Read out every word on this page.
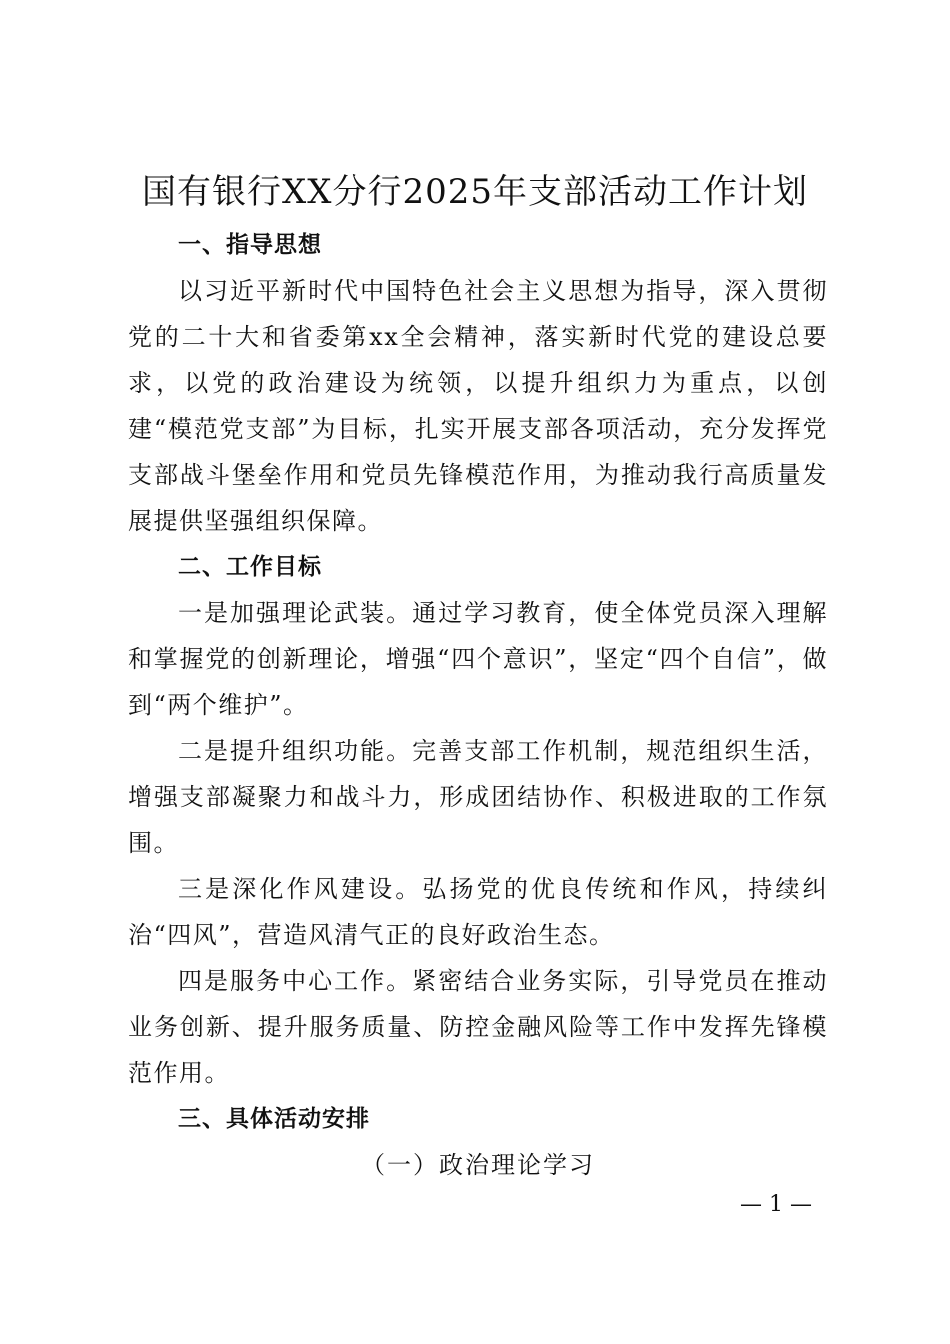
国有银行XX分行2025年支部活动工作计划

一、指导思想

以习近平新时代中国特色社会主义思想为指导，深入贯彻党的二十大和省委第xx全会精神，落实新时代党的建设总要求，以党的政治建设为统领，以提升组织力为重点，以创建“模范党支部”为目标，扎实开展支部各项活动，充分发挥党支部战斗堡垒作用和党员先锋模范作用，为推动我行高质量发展提供坚强组织保障。

二、工作目标

一是加强理论武装。通过学习教育，使全体党员深入理解和掌握党的创新理论，增强“四个意识”，坚定“四个自信”，做到“两个维护”。

二是提升组织功能。完善支部工作机制，规范组织生活，增强支部凝聚力和战斗力，形成团结协作、积极进取的工作氛围。

三是深化作风建设。弘扬党的优良传统和作风，持续纠治“四风”，营造风清气正的良好政治生态。

四是服务中心工作。紧密结合业务实际，引导党员在推动业务创新、提升服务质量、防控金融风险等工作中发挥先锋模范作用。

三、具体活动安排

（一）政治理论学习

— 1 —
